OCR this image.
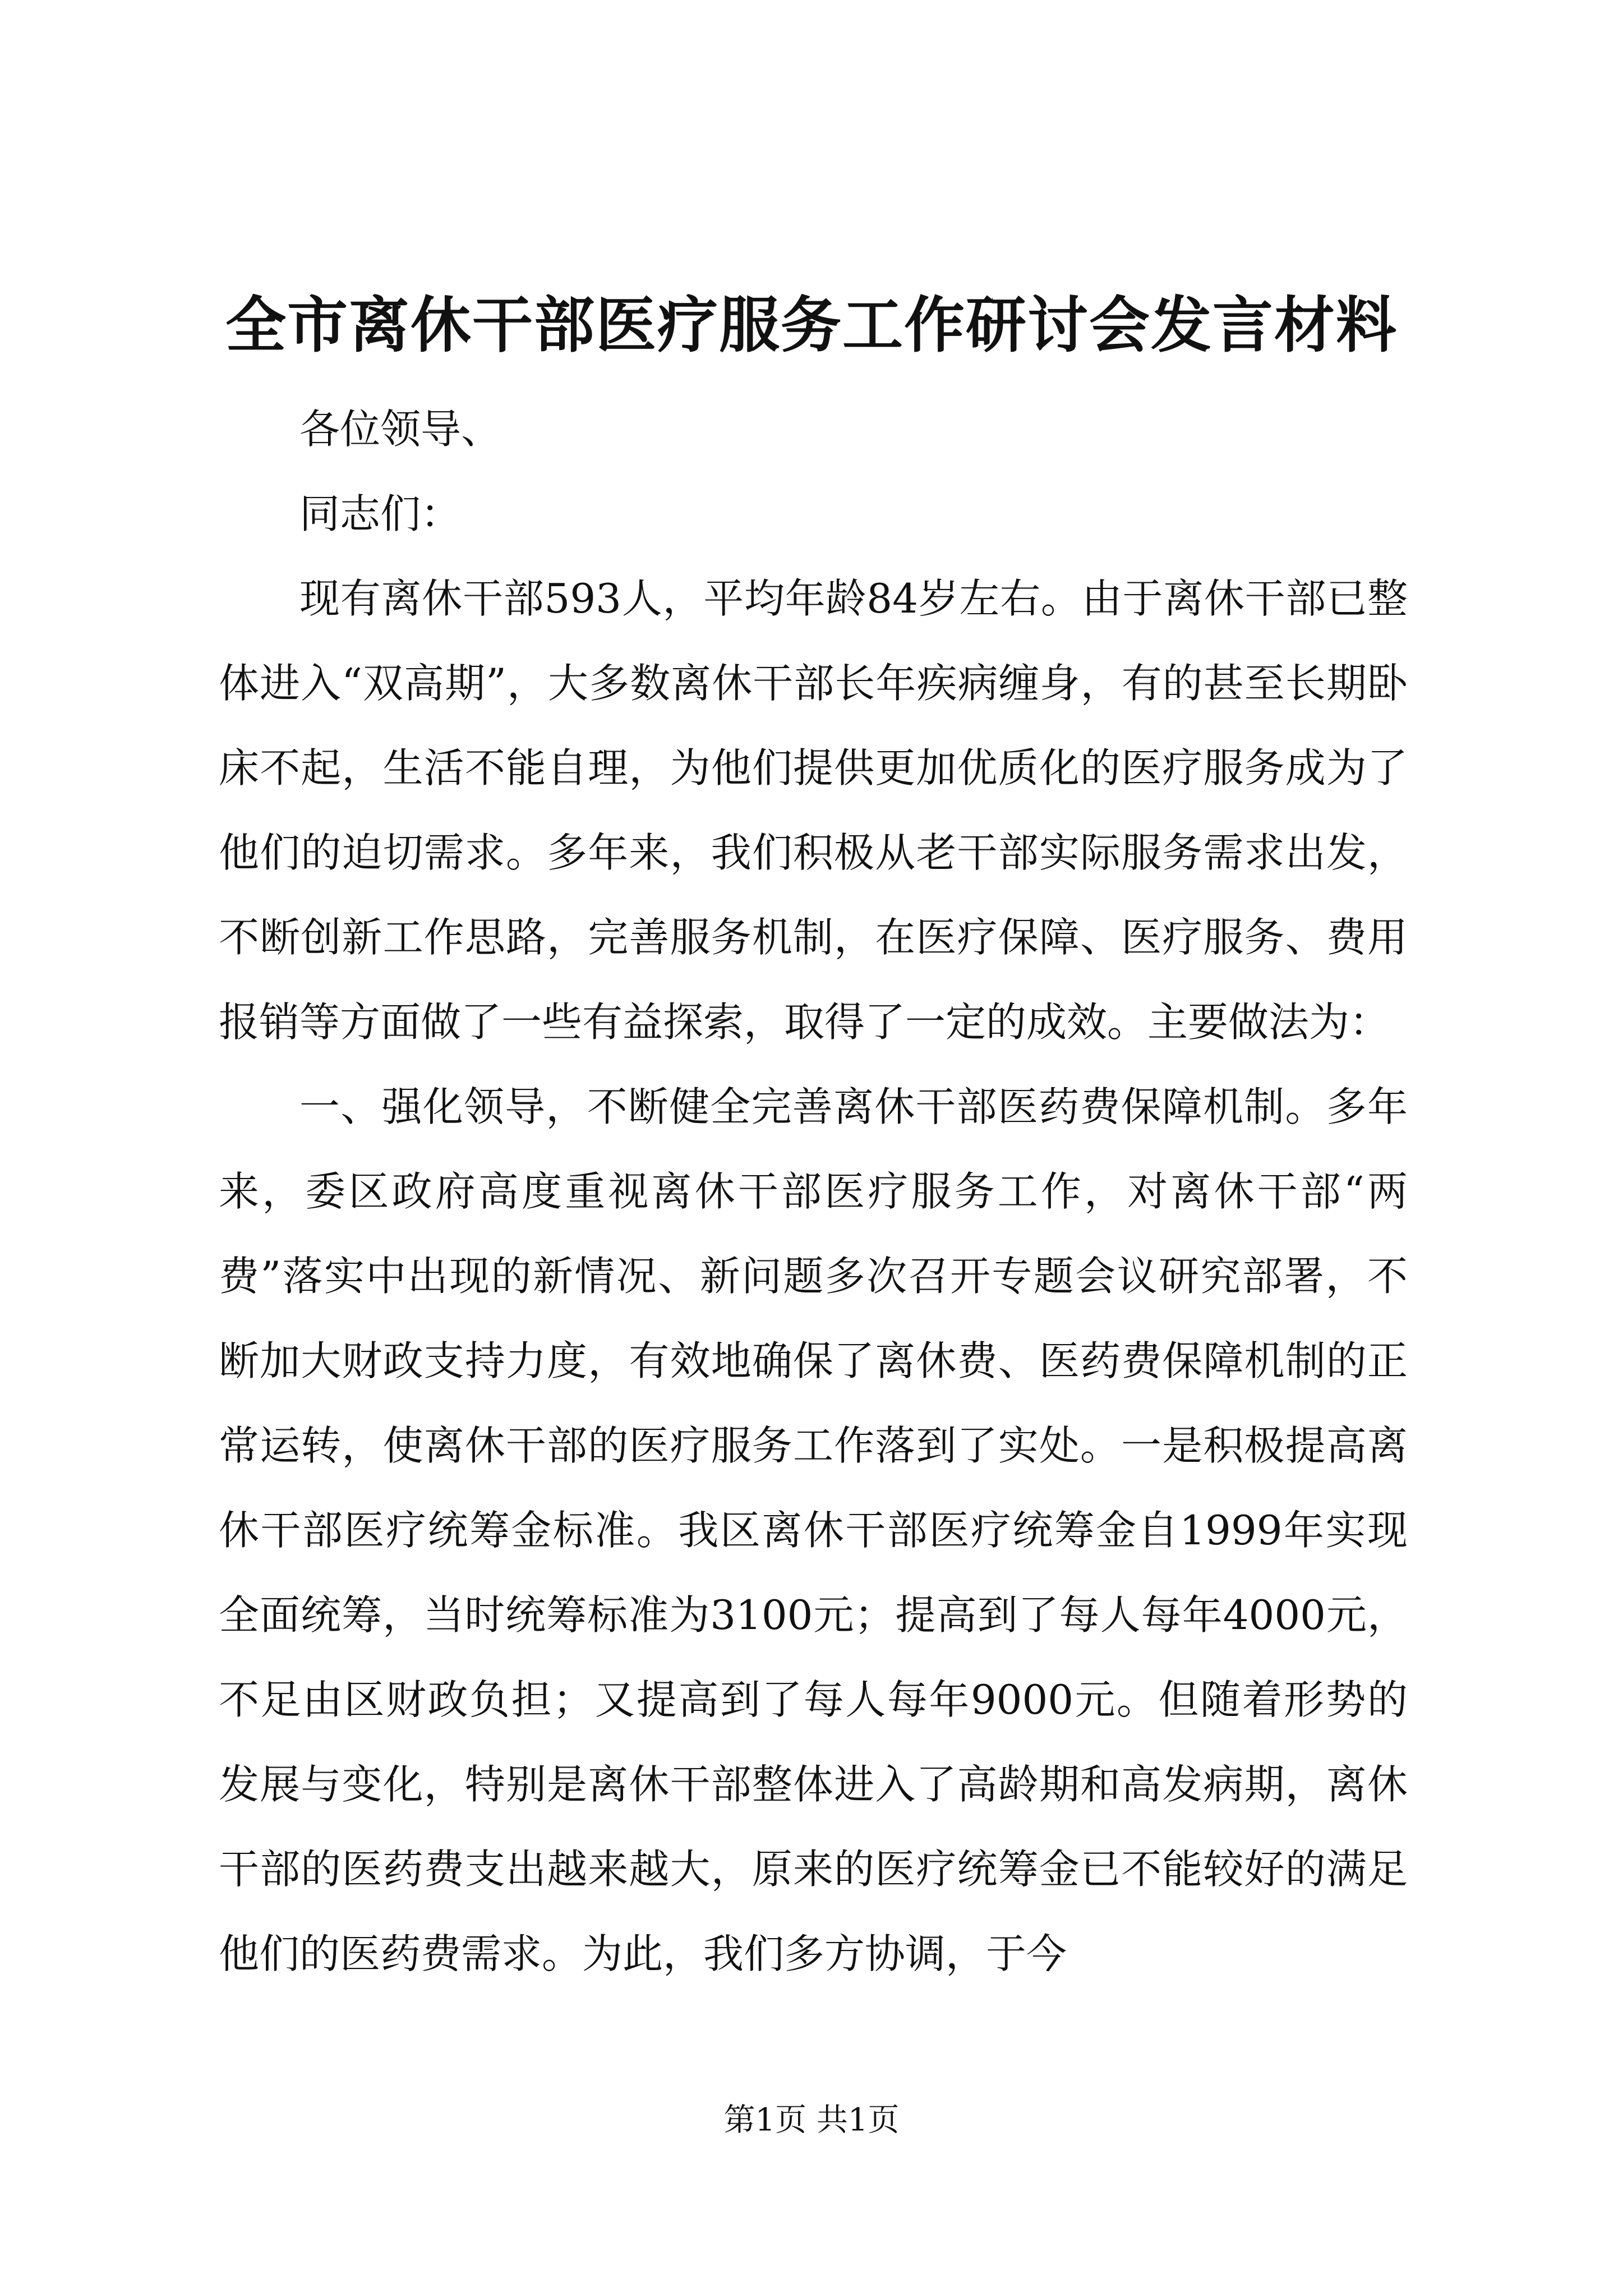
全市离休干部医疗服务工作研讨会发言材料

各位领导、

同志们：

现有离休干部593人，平均年龄84岁左右。由于离休干部已整体进入“双高期”，大多数离休干部长年疾病缠身，有的甚至长期卧床不起，生活不能自理，为他们提供更加优质化的医疗服务成为了他们的迫切需求。多年来，我们积极从老干部实际服务需求出发，不断创新工作思路，完善服务机制，在医疗保障、医疗服务、费用报销等方面做了一些有益探索，取得了一定的成效。主要做法为：

一、强化领导，不断健全完善离休干部医药费保障机制。多年来，委区政府高度重视离休干部医疗服务工作，对离休干部“两费”落实中出现的新情况、新问题多次召开专题会议研究部署，不断加大财政支持力度，有效地确保了离休费、医药费保障机制的正常运转，使离休干部的医疗服务工作落到了实处。一是积极提高离休干部医疗统筹金标准。我区离休干部医疗统筹金自1999年实现全面统筹，当时统筹标准为3100元；提高到了每人每年4000元，不足由区财政负担；又提高到了每人每年9000元。但随着形势的发展与变化，特别是离休干部整体进入了高龄期和高发病期，离休干部的医药费支出越来越大，原来的医疗统筹金已不能较好的满足他们的医药费需求。为此，我们多方协调，于今

第1页 共1页
